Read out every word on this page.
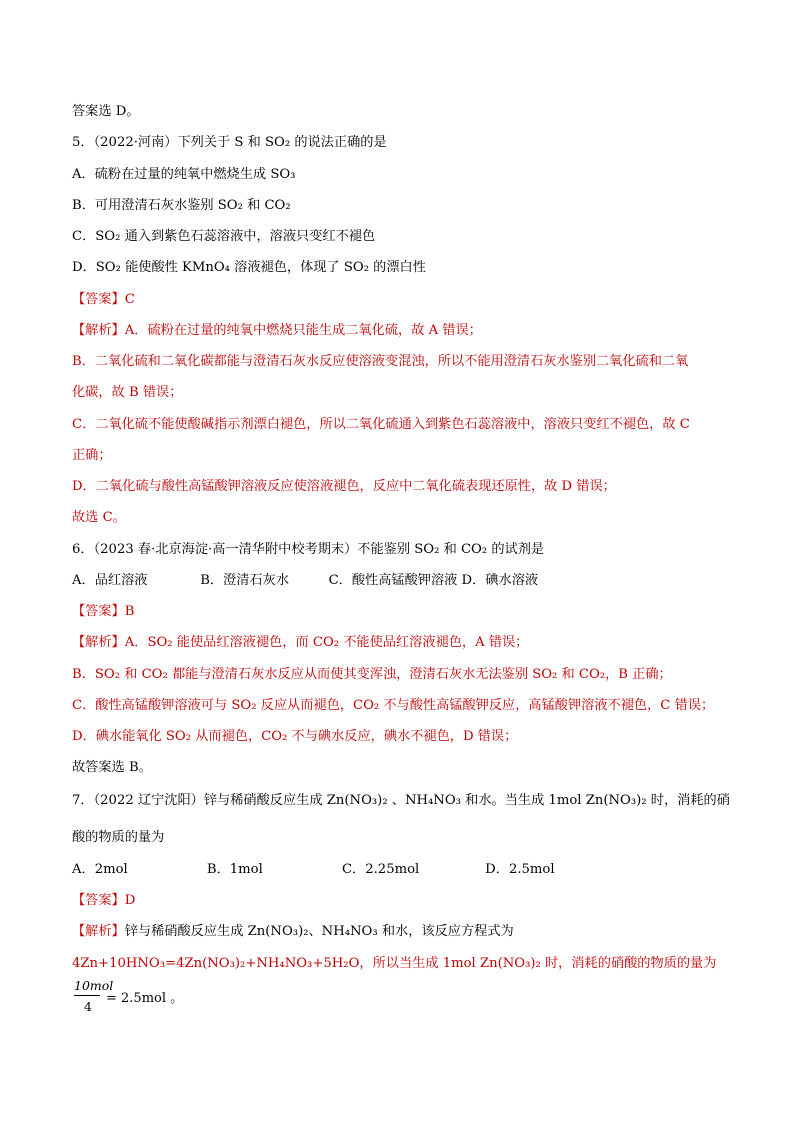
答案选 D。
5．（2022·河南）下列关于 S 和 SO₂ 的说法正确的是
A．硫粉在过量的纯氧中燃烧生成 SO₃
B．可用澄清石灰水鉴别 SO₂ 和 CO₂
C．SO₂ 通入到紫色石蕊溶液中，溶液只变红不褪色
D．SO₂ 能使酸性 KMnO₄ 溶液褪色，体现了 SO₂ 的漂白性
【答案】C
【解析】A．硫粉在过量的纯氧中燃烧只能生成二氧化硫，故 A 错误；
B．二氧化硫和二氧化碳都能与澄清石灰水反应使溶液变混浊，所以不能用澄清石灰水鉴别二氧化硫和二氧
化碳，故 B 错误；
C．二氧化硫不能使酸碱指示剂漂白褪色，所以二氧化硫通入到紫色石蕊溶液中，溶液只变红不褪色，故 C
正确；
D．二氧化硫与酸性高锰酸钾溶液反应使溶液褪色，反应中二氧化硫表现还原性，故 D 错误；
故选 C。
6．（2023 春·北京海淀·高一清华附中校考期末）不能鉴别 SO₂ 和 CO₂ 的试剂是
A．品红溶液　　　　B．澄清石灰水　　　C．酸性高锰酸钾溶液 D．碘水溶液
【答案】B
【解析】A．SO₂ 能使品红溶液褪色，而 CO₂ 不能使品红溶液褪色，A 错误；
B．SO₂ 和 CO₂ 都能与澄清石灰水反应从而使其变浑浊，澄清石灰水无法鉴别 SO₂ 和 CO₂，B 正确；
C．酸性高锰酸钾溶液可与 SO₂ 反应从而褪色，CO₂ 不与酸性高锰酸钾反应，高锰酸钾溶液不褪色，C 错误；
D．碘水能氧化 SO₂ 从而褪色，CO₂ 不与碘水反应，碘水不褪色，D 错误；
故答案选 B。
7．（2022 辽宁沈阳）锌与稀硝酸反应生成 Zn(NO₃)₂ 、NH₄NO₃ 和水。当生成 1mol Zn(NO₃)₂ 时，消耗的硝
酸的物质的量为
A．2mol　　　　　　B．1mol　　　　　　C．2.25mol　　　　　D．2.5mol
【答案】D
【解析】锌与稀硝酸反应生成 Zn(NO₃)₂、NH₄NO₃ 和水，该反应方程式为
4Zn+10HNO₃=4Zn(NO₃)₂+NH₄NO₃+5H₂O，所以当生成 1mol Zn(NO₃)₂ 时，消耗的硝酸的物质的量为
10mol
4
= 2.5mol 。
